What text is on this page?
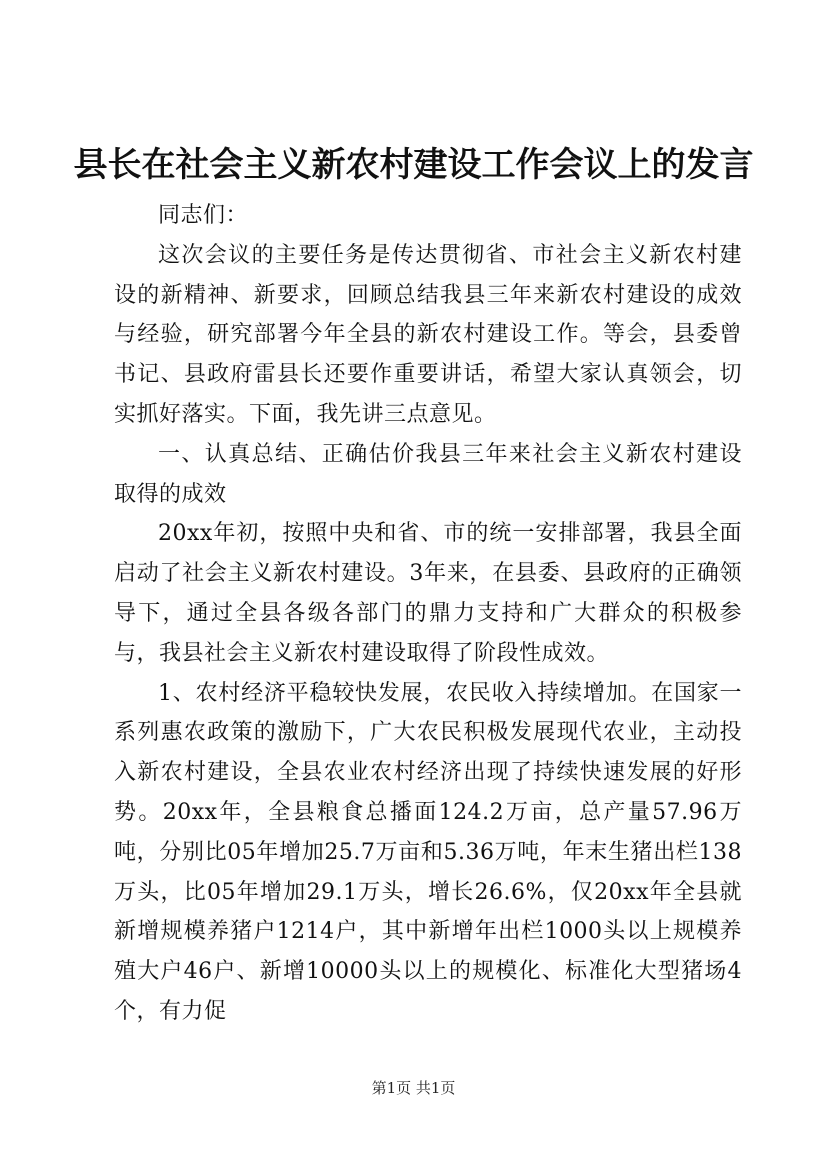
县长在社会主义新农村建设工作会议上的发言

同志们：

这次会议的主要任务是传达贯彻省、市社会主义新农村建设的新精神、新要求，回顾总结我县三年来新农村建设的成效与经验，研究部署今年全县的新农村建设工作。等会，县委曾书记、县政府雷县长还要作重要讲话，希望大家认真领会，切实抓好落实。下面，我先讲三点意见。

一、认真总结、正确估价我县三年来社会主义新农村建设取得的成效

20xx年初，按照中央和省、市的统一安排部署，我县全面启动了社会主义新农村建设。3年来，在县委、县政府的正确领导下，通过全县各级各部门的鼎力支持和广大群众的积极参与，我县社会主义新农村建设取得了阶段性成效。

1、农村经济平稳较快发展，农民收入持续增加。在国家一系列惠农政策的激励下，广大农民积极发展现代农业，主动投入新农村建设，全县农业农村经济出现了持续快速发展的好形势。20xx年，全县粮食总播面124.2万亩，总产量57.96万吨，分别比05年增加25.7万亩和5.36万吨，年末生猪出栏138万头，比05年增加29.1万头，增长26.6%，仅20xx年全县就新增规模养猪户1214户，其中新增年出栏1000头以上规模养殖大户46户、新增10000头以上的规模化、标准化大型猪场4个，有力促

第1页 共1页
